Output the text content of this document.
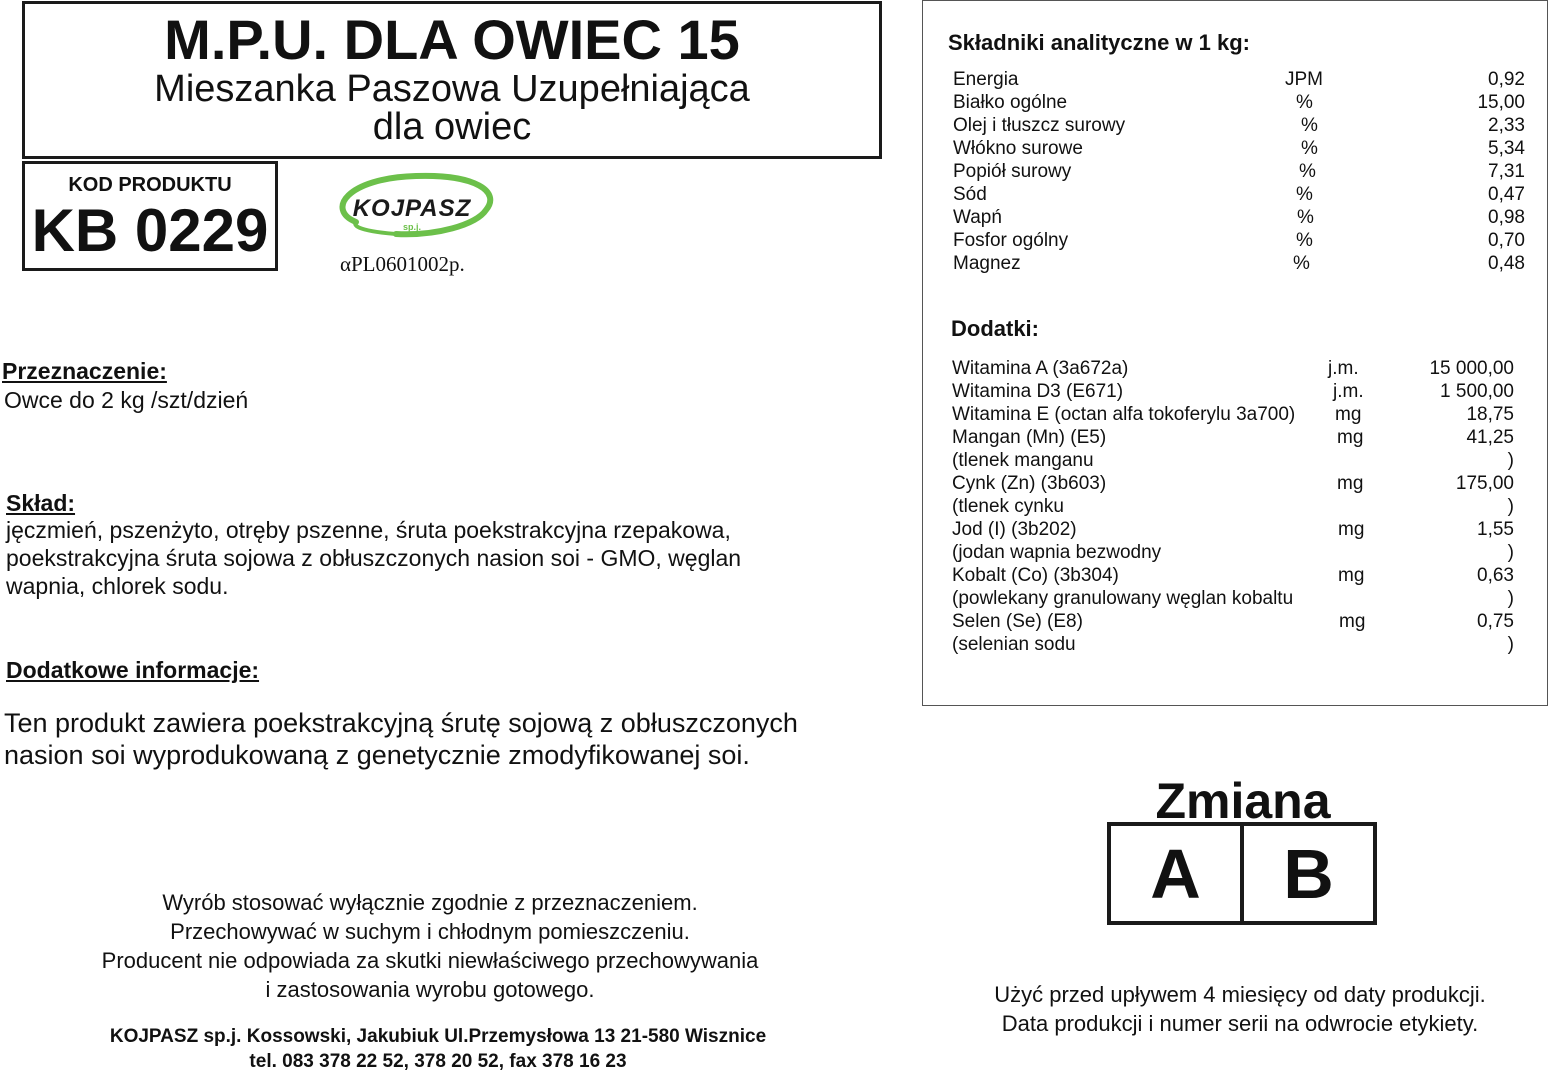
M.P.U. DLA OWIEC 15
Mieszanka Paszowa Uzupełniająca
dla owiec
KOD PRODUKTU
KB 0229	KOJPASZ
sp.j.
αPL0601002p.
Przeznaczenie:
Owce do 2 kg /szt/dzień
Skład:
jęczmień, pszenżyto, otręby pszenne, śruta poekstrakcyjna rzepakowa,
poekstrakcyjna śruta sojowa z obłuszczonych nasion soi - GMO, węglan
wapnia, chlorek sodu.
Dodatkowe informacje:
Ten produkt zawiera poekstrakcyjną śrutę sojową z obłuszczonych
nasion soi wyprodukowaną z genetycznie zmodyfikowanej soi.
Wyrób stosować wyłącznie zgodnie z przeznaczeniem.
Przechowywać w suchym i chłodnym pomieszczeniu.
Producent nie odpowiada za skutki niewłaściwego przechowywania
i zastosowania wyrobu gotowego.
KOJPASZ sp.j. Kossowski, Jakubiuk Ul.Przemysłowa 13 21-580 Wisznice
tel. 083 378 22 52, 378 20 52, fax 378 16 23
Składniki analityczne w 1 kg:
Energia	JPM	0,92
Białko ogólne	%	15,00
Olej i tłuszcz surowy	%	2,33
Włókno surowe	%	5,34
Popiół surowy	%	7,31
Sód	%	0,47
Wapń	%	0,98
Fosfor ogólny	%	0,70
Magnez	%	0,48
Dodatki:
Witamina A (3a672a)	j.m.	15 000,00
Witamina D3 (E671)	j.m.	1 500,00
Witamina E (octan alfa tokoferylu 3a700) mg	18,75
Mangan (Mn) (E5)	mg	41,25
(tlenek manganu	)
Cynk (Zn) (3b603)	mg	175,00
(tlenek cynku	)
Jod (I) (3b202)	mg	1,55
(jodan wapnia bezwodny	)
Kobalt (Co) (3b304)	mg	0,63
(powlekany granulowany węglan kobaltu	)
Selen (Se) (E8)	mg	0,75
(selenian sodu	)
Zmiana
A	B
Użyć przed upływem 4 miesięcy od daty produkcji.
Data produkcji i numer serii na odwrocie etykiety.
